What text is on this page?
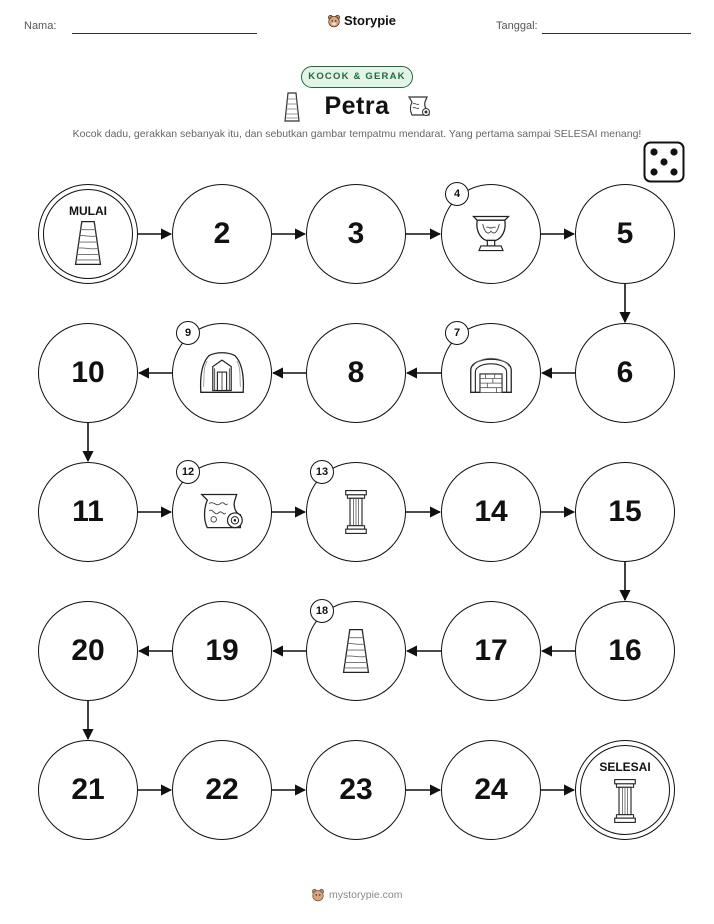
Nama:	Storypie	Tanggal:
KOCOK & GERAK
Petra
Kocok dadu, gerakkan sebanyak itu, dan sebutkan gambar tempatmu mendarat. Yang pertama sampai SELESAI menang!
MULAI
2	3
4
5
6
7
8
9
10
11
12	13
14	15
16
17
18
19
20
21	22	23	24
SELESAI
mystorypie.com
